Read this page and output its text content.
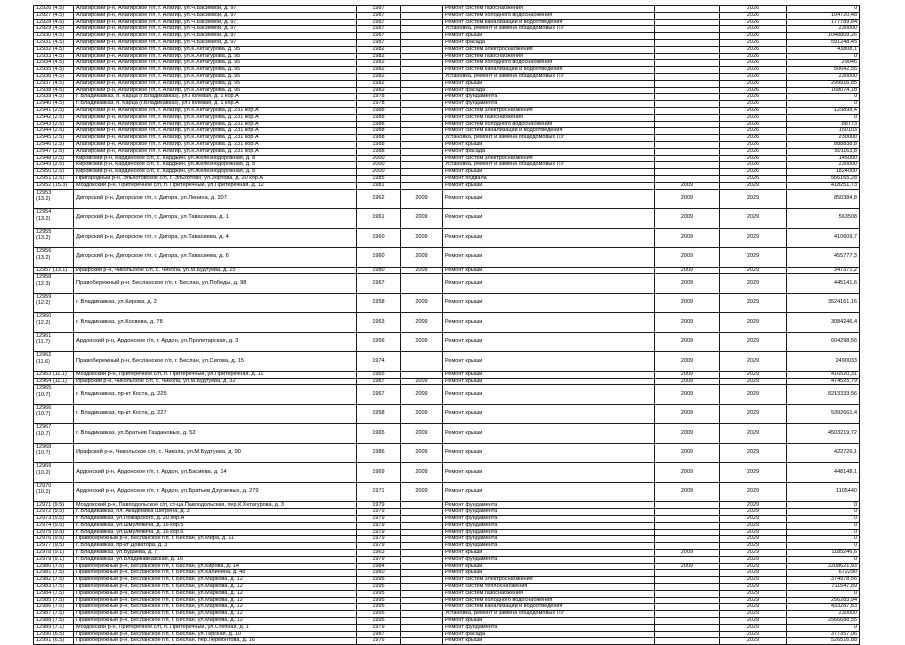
12926 (4.5)	Алагирский р-н, Алагирское г/п, г. Алагир, ул.Ч.Басиевой, д. 97	1987		Ремонт систем газоснабжения		2026	0
12927 (4.5)	Алагирский р-н, Алагирское г/п, г. Алагир, ул.Ч.Басиевой, д. 97	1987		Ремонт систем холодного водоснабжения		2026	104720,48
12928 (4.5)	Алагирский р-н, Алагирское г/п, г. Алагир, ул.Ч.Басиевой, д. 97	1987		Ремонт систем канализации и водоотведения		2026	177789,84
12929 (4.5)	Алагирский р-н, Алагирское г/п, г. Алагир, ул.Ч.Басиевой, д. 97	1987		Установка, ремонт и замена общедомовых ПУ		2026	230000
12930 (4.5)	Алагирский р-н, Алагирское г/п, г. Алагир, ул.Ч.Басиевой, д. 97	1987		Ремонт крыши		2026	1048809,26
12931 (4.5)	Алагирский р-н, Алагирское г/п, г. Алагир, ул.Ч.Басиевой, д. 97	1987		Ремонт фасада		2026	591248,45
12932 (4.5)	Алагирский р-н, Алагирское г/п, г. Алагир, ул.К.Хетагурова, д. 95	1982		Ремонт систем электроснабжения		2026	43808,1
12933 (4.5)	Алагирский р-н, Алагирское г/п, г. Алагир, ул.К.Хетагурова, д. 95	1982		Ремонт систем газоснабжения		2026	0
12934 (4.5)	Алагирский р-н, Алагирское г/п, г. Алагир, ул.К.Хетагурова, д. 95	1982		Ремонт систем холодного водоснабжения		2026	29046
12935 (4.5)	Алагирский р-н, Алагирское г/п, г. Алагир, ул.К.Хетагурова, д. 95	1982		Ремонт систем канализации и водоотведения		2026	50642,55
12936 (4.5)	Алагирский р-н, Алагирское г/п, г. Алагир, ул.К.Хетагурова, д. 95	1982		Установка, ремонт и замена общедомовых ПУ		2026	230000
12937 (4.5)	Алагирский р-н, Алагирское г/п, г. Алагир, ул.К.Хетагурова, д. 95	1982		Ремонт крыши		2026	299916,85
12938 (4.5)	Алагирский р-н, Алагирское г/п, г. Алагир, ул.К.Хетагурова, д. 95	1982		Ремонт фасада		2026	168074,18
12939 (4.5)	г. Владикавказ, п. Карца (г.Владикавказ), ул.Полевая, д. 1 кор.А	1978		Ремонт фундамента		2026	0
12940 (4.5)	г. Владикавказ, п. Карца (г.Владикавказ), ул.Полевая, д. 1 кор.А	1978		Ремонт фундамента		2026	0
12941 (2.5)	Алагирский р-н, Алагирское г/п, г. Алагир, ул.К.Хетагурова, д. 231 кор.А	1988		Ремонт систем электроснабжения		2026	129898,4
12942 (2.5)	Алагирский р-н, Алагирское г/п, г. Алагир, ул.К.Хетагурова, д. 231 кор.А	1988		Ремонт систем газоснабжения		2026	0
12943 (2.5)	Алагирский р-н, Алагирское г/п, г. Алагир, ул.К.Хетагурова, д. 231 кор.А	1988		Ремонт систем холодного водоснабжения		2026	88773
12944 (2.5)	Алагирский р-н, Алагирское г/п, г. Алагир, ул.К.Хетагурова, д. 231 кор.А	1988		Ремонт систем канализации и водоотведения		2026	150103
12945 (2.5)	Алагирский р-н, Алагирское г/п, г. Алагир, ул.К.Хетагурова, д. 231 кор.А	1988		Установка, ремонт и замена общедомовых ПУ		2026	230000
12946 (2.5)	Алагирский р-н, Алагирское г/п, г. Алагир, ул.К.Хетагурова, д. 231 кор.А	1988		Ремонт крыши		2026	888838,8
12947 (2.5)	Алагирский р-н, Алагирское г/п, г. Алагир, ул.К.Хетагурова, д. 231 кор.А	1988		Ремонт фасада		2026	501163,8
12948 (2.5)	Кировский р-н, Кардинское с/п, с. Карджин, ул.Железнодорожная, д. 8	2000		Ремонт систем электроснабжения		2026	145000
12949 (2.5)	Кировский р-н, Кардинское с/п, с. Карджин, ул.Железнодорожная, д. 8	2000		Установка, ремонт и замена общедомовых ПУ		2026	230000
12950 (2.5)	Кировский р-н, Кардинское с/п, с. Карджин, ул.Железнодорожная, д. 8	2000		Ремонт крыши		2026	1824000
12951 (2.5)	Пригородный р-н, Эльхотовское с/п, г. Эльхотово, ул.Зортова, д. 20 кор.А	1985		Ремонт подвала		2026	566165,28
12952 (15.3)	Моздокский р-н, Притеречное с/п, п. Притеречный, ул.Притеречная, д. 12	1981		Ремонт крыши	2009	2029	418251,73

12953
(13.2)	Дигорский р-н, Дигорское г/п, г. Дигора, ул.Ленина, д. 207	1962	2009	Ремонт крыши	2009	2029	850384,8

12954
(13.2)	Дигорский р-н, Дигорское г/п, г. Дигора, ул.Тавасиева, д. 1	1961	2009	Ремонт крыши	2009	2029	563508

12955
(13.2)	Дигорский р-н, Дигорское г/п, г. Дигора, ул.Тавасиева, д. 4	1960	2009	Ремонт крыши	2009	2029	410609,7

12956
(13.2)	Дигорский р-н, Дигорское г/п, г. Дигора, ул.Тавасиева, д. 6	1960	2009	Ремонт крыши	2009	2029	455777,3
12957 (13.1)	Ирафский р-н, Чикольское с/п, с. Чикола, ул.М.Будтуева, д. 25	1980	2009	Ремонт крыши	2009	2029	347371,2

12958
(12.3)	Правобережный р-н, Бесланское г/п, г. Беслан, ул.Победы, д. 98	1967		Ремонт крыши	2009	2029	445141,6

12959
(12.2)	г. Владикавказ, ул.Кирова, д. 2	1958	2009	Ремонт крыши	2009	2029	3524161,16

12960
(12.2)	г. Владикавказ, ул.Косвева, д. 78	1963	2009	Ремонт крыши	2009	2029	3084246,4

12961
(11.7)	Ардонский р-н, Ардонское г/п, г. Ардон, ул.Пролетарская, д. 3	1956	2009	Ремонт крыши	2009	2029	604298,56

12962
(11.6)	Правобережный р-н, Бесланское г/п, г. Беслан, ул.Сигова, д. 15	1974		Ремонт крыши	2009	2029	2490033
12963 (11.1)	Моздокский р-н, Притеречное с/п, п. Притеречный, ул.Притеречная, д. 11	1965		Ремонт крыши	2009	2029	416520,31
12964 (11.1)	Ирафский р-н, Чикольское с/п, с. Чикола, ул.М.Будтуева, д. 32	1987	2009	Ремонт крыши	2009	2029	474525,79

12965
(10.7)	г. Владикавказ, пр-кт Коста, д. 225	1967	2009	Ремонт крыши	2009	2029	8213333,56

12966
(10.7)	г. Владикавказ, пр-кт Коста, д. 227	1958	2009	Ремонт крыши	2009	2029	5392661,4

12967
(10.7)	г. Владикавказ, ул.Братьев Газдановых, д. 52	1965	2009	Ремонт крыши	2009	2029	4503219,72

12968
(10.7)	Ирафский р-н, Чикольское с/п, с. Чикола, ул.М.Будтуева, д. 90	1986	2009	Ремонт крыши	2009	2029	422726,1

12969
(10.2)	Ардонский р-н, Ардонское г/п, г. Ардон, ул.Басиева, д. 14	1969	2009	Ремонт крыши	2009	2029	448148,1

12970
(10.2)	Ардонский р-н, Ардонское г/п, г. Ардон, ул.Братьев Дзугаевых, д. 279	1971	2009	Ремонт крыши	2009	2029	1105440
12971 (9.5)	Моздокский р-н, Павлодольское с/п, ст-ца Павлодольская, пер.К.Хетагурова, д. 3	1979		Ремонт фундамента		2029	0
12972 (9.5)	г. Владикавказ, пл. Академика Шегрена, д. 3	1979		Ремонт фундамента		2029	0
12973 (9.5)	г. Владикавказ, ул.Пожарского, д. 20 кор.А	1979		Ремонт фундамента		2029	0
12974 (9.5)	г. Владикавказ, ул.Шмулевича, д. 16 кор.5	1979		Ремонт фундамента		2029	0
12975 (9.5)	г. Владикавказ, ул.Шмулевича, д. 16 кор.6	1979		Ремонт фундамента		2029	0
12976 (9.5)	Правобережный р-н, Бесланское г/п, г. Беслан, ул.Мира, д. 11	1979		Ремонт фундамента		2029	0
12977 (9.5)	г. Владикавказ, пр-кт Доватора, д. 3	1979		Ремонт фундамента		2029	0
12978 (9.1)	г. Владикавказ, ул.Будаева, д. 7	1963		Ремонт крыши	2009	2029	1185246,6
12979 (9.1)	г. Владикавказ, ул.Владикавказская, д. 16	1979		Ремонт фундамента		2029	0
12980 (7.5)	Правобережный р-н, Бесланское г/п, г. Беслан, ул.Кирова, д. 14	1984		Ремонт крыши	2009	2029	2208621,93
12981 (7.5)	Правобережный р-н, Бесланское г/п, г. Беслан, ул.Калинина, д. 48	1960		Ремонт крыши		2029	672290
12982 (7.5)	Правобережный р-н, Бесланское г/п, г. Беслан, ул.Маркова, д. 12	1995		Ремонт систем электроснабжения		2029	374978,56
12983 (7.5)	Правобережный р-н, Бесланское г/п, г. Беслан, ул.Маркова, д. 12	1995		Ремонт систем теплоснабжения		2029	711547,89
12984 (7.5)	Правобережный р-н, Бесланское г/п, г. Беслан, ул.Маркова, д. 12	1995		Ремонт систем газоснабжения		2029	0
12985 (7.5)	Правобережный р-н, Бесланское г/п, г. Беслан, ул.Маркова, д. 12	1995		Ремонт систем холодного водоснабжения		2029	256283,94
12986 (7.5)	Правобережный р-н, Бесланское г/п, г. Беслан, ул.Маркова, д. 12	1995		Ремонт систем канализации и водоотведения		2029	433287,83
12987 (7.5)	Правобережный р-н, Бесланское г/п, г. Беслан, ул.Маркова, д. 12	1995		Установка, ремонт и замена общедомовых ПУ		2029	230000
12988 (7.5)	Правобережный р-н, Бесланское г/п, г. Беслан, ул.Маркова, д. 12	1995		Ремонт крыши		2029	2566688,55
12989 (7.1)	Моздокский р-н, Притеречное с/п, п. Притеречный, ул.Степная, д. 1	1979		Ремонт фундамента		2029	0
12990 (6.5)	Правобережный р-н, Бесланское г/п, г. Беслан, ул.Терская, д. 10	1987		Ремонт фасада		2029	377357,06
12991 (6.5)	Правобережный р-н, Бесланское г/п, г. Беслан, пер.Лермонтова, д. 16	1976		Ремонт крыши		2029	526516,88
